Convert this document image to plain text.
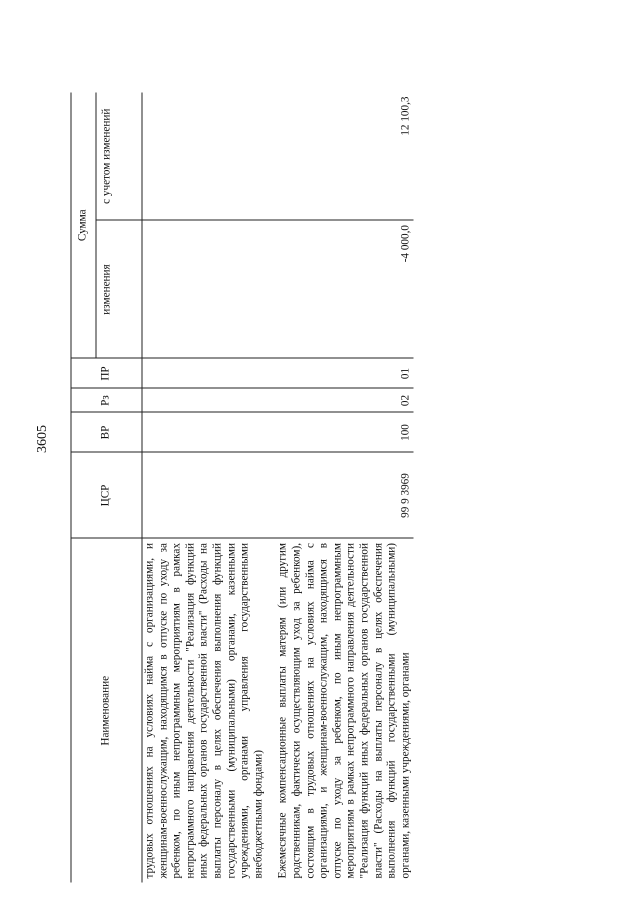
3605
Наименование	ЦСР	ВР	Рз	ПР	Сумма	
					изменения	с учетом изменений
трудовых отношениях на условиях найма с организациями, и женщинам-военнослужащим, находящимся в отпуске по уходу за ребенком, по иным непрограммным мероприятиям в рамках непрограммного направления деятельности "Реализация функций иных федеральных органов государственной власти" (Расходы на выплаты персоналу в целях обеспечения выполнения функций государственными (муниципальными) органами, казенными учреждениями, органами управления государственными внебюджетными фондами)						
Ежемесячные компенсационные выплаты матерям (или другим родственникам, фактически осуществляющим уход за ребенком), состоящим в трудовых отношениях на условиях найма с организациями, и женщинам-военнослужащим, находящимся в отпуске по уходу за ребенком, по иным непрограммным мероприятиям в рамках непрограммного направления деятельности "Реализация функций иных федеральных органов государственной власти" (Расходы на выплаты персоналу в целях обеспечения выполнения функций государственными (муниципальными) органами, казенными учреждениями, органами	99 9 3969	100	02	01	-4 000,0	12 100,3
